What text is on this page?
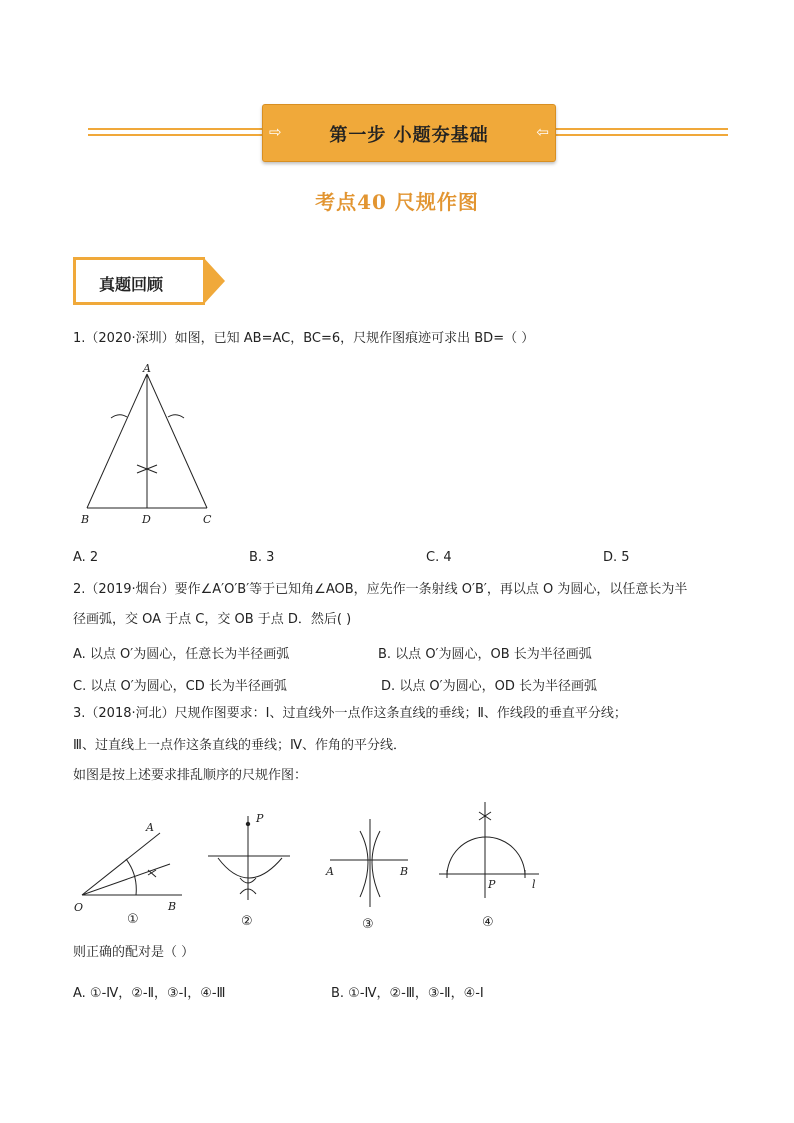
⇨	第一步 小题夯基础	⇦
考点40 尺规作图
真题回顾
1.（2020·深圳）如图，已知 AB=AC，BC=6，尺规作图痕迹可求出 BD=（ ）
A
B	D	C
A. 2	B. 3	C. 4	D. 5
2.（2019·烟台）要作∠A′O′B′等于已知角∠AOB，应先作一条射线 O′B′，再以点 O 为圆心，以任意长为半
径画弧，交 OA 于点 C，交 OB 于点 D．然后( )
A. 以点 O′为圆心，任意长为半径画弧	B. 以点 O′为圆心，OB 长为半径画弧
C. 以点 O′为圆心，CD 长为半径画弧	D. 以点 O′为圆心，OD 长为半径画弧
3.（2018·河北）尺规作图要求：Ⅰ、过直线外一点作这条直线的垂线；Ⅱ、作线段的垂直平分线；
Ⅲ、过直线上一点作这条直线的垂线；Ⅳ、作角的平分线．
如图是按上述要求排乱顺序的尺规作图：
A
O	B
①
P
②
A	B
③
P	l
④
则正确的配对是（ ）
A. ①-Ⅳ，②-Ⅱ，③-Ⅰ，④-Ⅲ	B. ①-Ⅳ，②-Ⅲ，③-Ⅱ，④-Ⅰ
